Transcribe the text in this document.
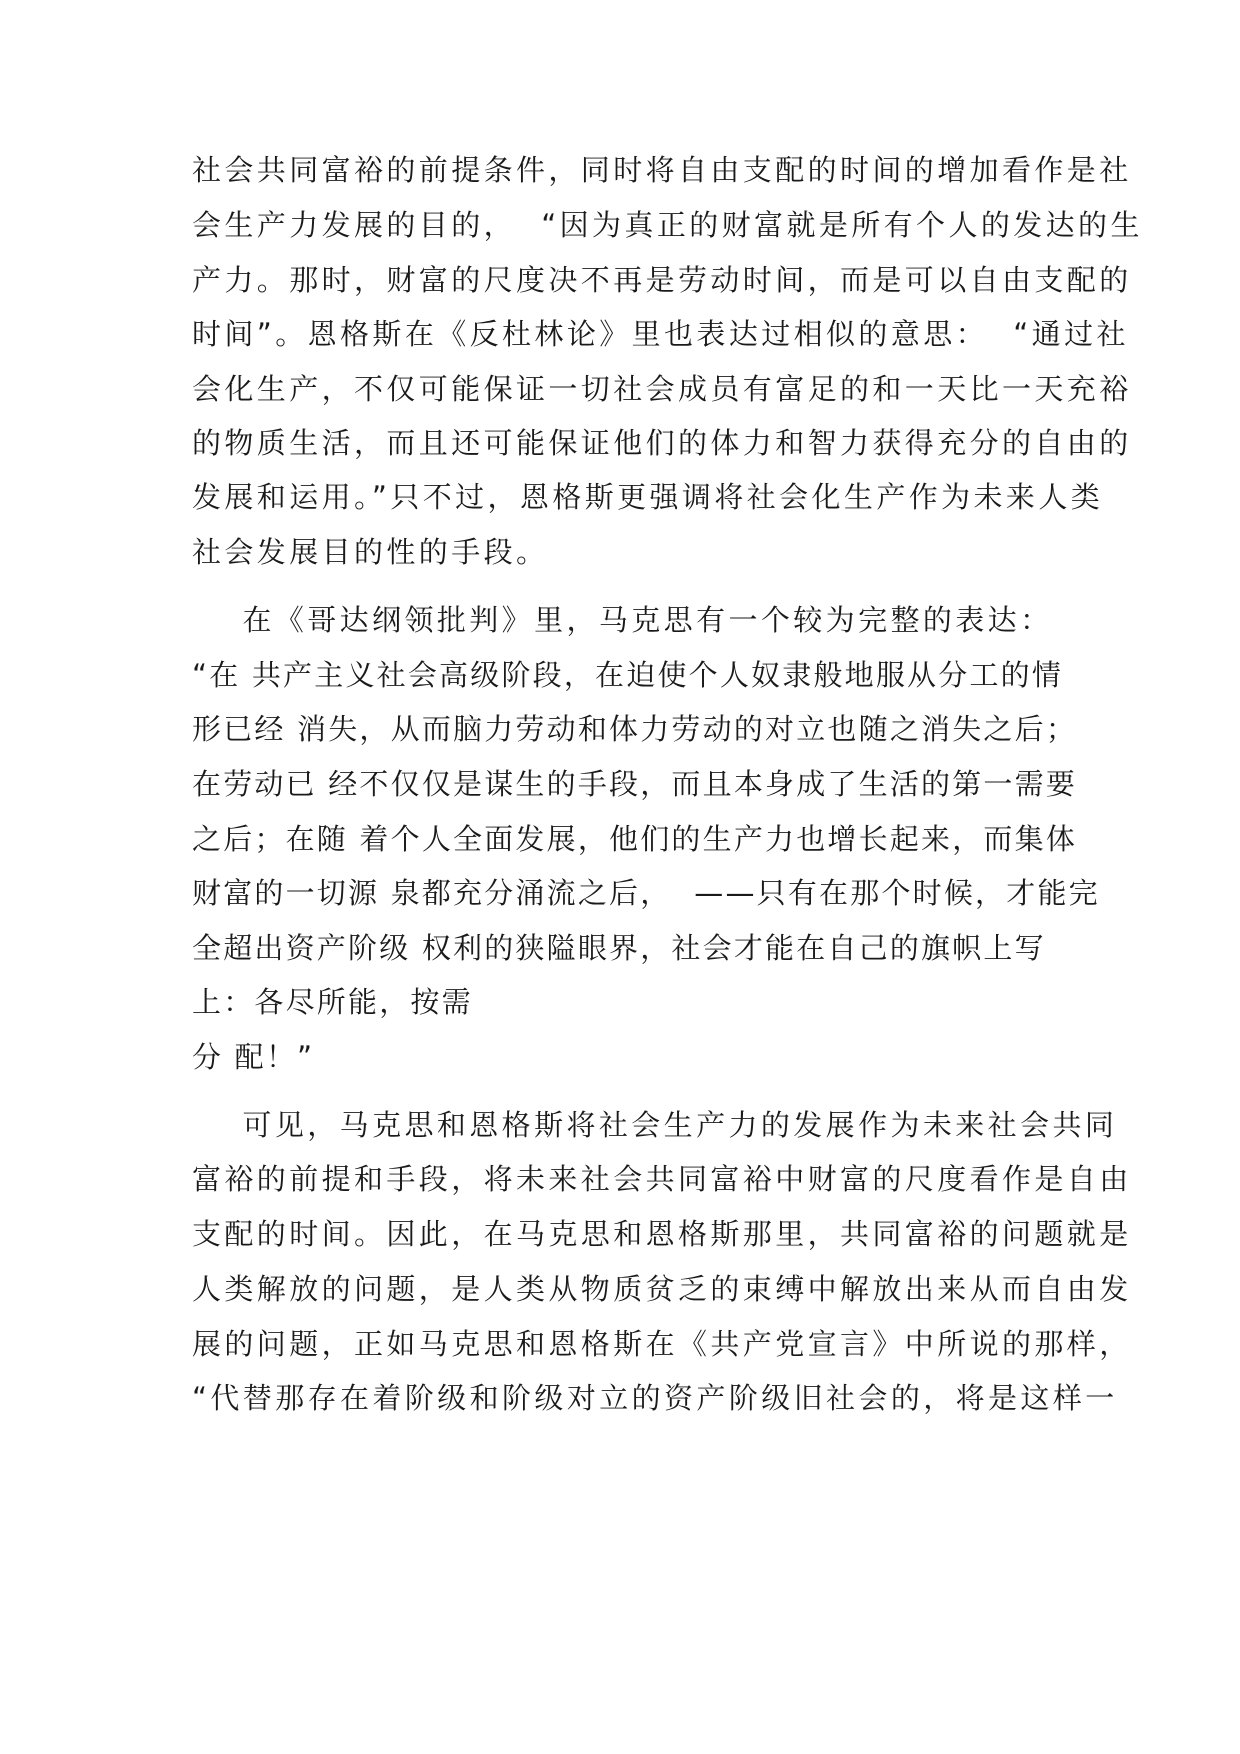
社会共同富裕的前提条件，同时将自由支配的时间的增加看作是社
会生产力发展的目的，  “因为真正的财富就是所有个人的发达的生
产力。那时，财富的尺度决不再是劳动时间，而是可以自由支配的
时间”。恩格斯在《反杜林论》里也表达过相似的意思：  “通过社
会化生产，不仅可能保证一切社会成员有富足的和一天比一天充裕
的物质生活，而且还可能保证他们的体力和智力获得充分的自由的
发展和运用。”只不过，恩格斯更强调将社会化生产作为未来人类
社会发展目的性的手段。
在《哥达纲领批判》里，马克思有一个较为完整的表达：
“在 共产主义社会高级阶段，在迫使个人奴隶般地服从分工的情
形已经 消失，从而脑力劳动和体力劳动的对立也随之消失之后；
在劳动已 经不仅仅是谋生的手段，而且本身成了生活的第一需要
之后；在随 着个人全面发展，他们的生产力也增长起来，而集体
财富的一切源 泉都充分涌流之后，  ——只有在那个时候，才能完
全超出资产阶级 权利的狭隘眼界，社会才能在自己的旗帜上写
上：各尽所能，按需
分 配！”
可见，马克思和恩格斯将社会生产力的发展作为未来社会共同
富裕的前提和手段，将未来社会共同富裕中财富的尺度看作是自由
支配的时间。因此，在马克思和恩格斯那里，共同富裕的问题就是
人类解放的问题，是人类从物质贫乏的束缚中解放出来从而自由发
展的问题，正如马克思和恩格斯在《共产党宣言》中所说的那样，
“代替那存在着阶级和阶级对立的资产阶级旧社会的，将是这样一
